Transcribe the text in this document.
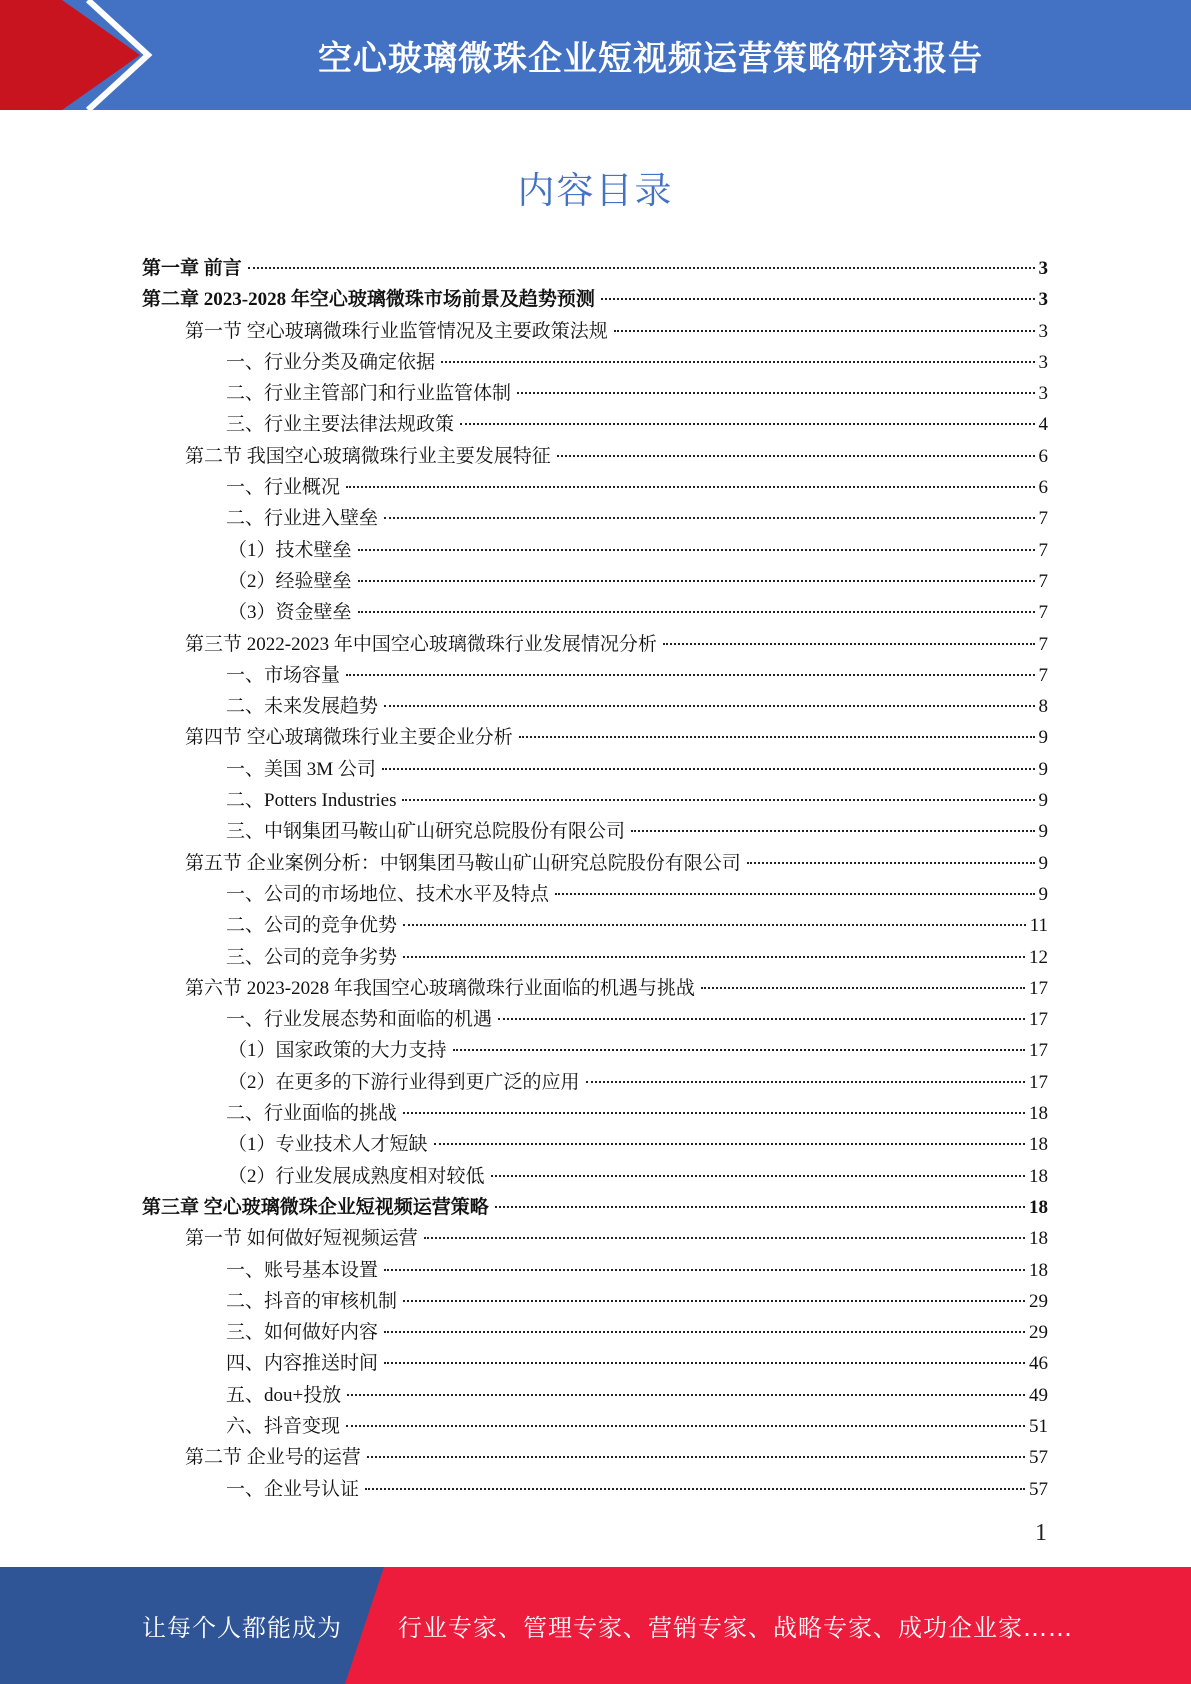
空心玻璃微珠企业短视频运营策略研究报告
内容目录
第一章 前言	3
第二章 2023-2028 年空心玻璃微珠市场前景及趋势预测	3
第一节 空心玻璃微珠行业监管情况及主要政策法规	3
一、行业分类及确定依据	3
二、行业主管部门和行业监管体制	3
三、行业主要法律法规政策	4
第二节 我国空心玻璃微珠行业主要发展特征	6
一、行业概况	6
二、行业进入壁垒	7
（1）技术壁垒	7
（2）经验壁垒	7
（3）资金壁垒	7
第三节 2022-2023 年中国空心玻璃微珠行业发展情况分析	7
一、市场容量	7
二、未来发展趋势	8
第四节 空心玻璃微珠行业主要企业分析	9
一、美国 3M 公司	9
二、Potters Industries	9
三、中钢集团马鞍山矿山研究总院股份有限公司	9
第五节 企业案例分析：中钢集团马鞍山矿山研究总院股份有限公司	9
一、公司的市场地位、技术水平及特点	9
二、公司的竞争优势	11
三、公司的竞争劣势	12
第六节 2023-2028 年我国空心玻璃微珠行业面临的机遇与挑战	17
一、行业发展态势和面临的机遇	17
（1）国家政策的大力支持	17
（2）在更多的下游行业得到更广泛的应用	17
二、行业面临的挑战	18
（1）专业技术人才短缺	18
（2）行业发展成熟度相对较低	18
第三章 空心玻璃微珠企业短视频运营策略	18
第一节 如何做好短视频运营	18
一、账号基本设置	18
二、抖音的审核机制	29
三、如何做好内容	29
四、内容推送时间	46
五、dou+投放	49
六、抖音变现	51
第二节 企业号的运营	57
一、企业号认证	57
1
让每个人都能成为 行业专家、管理专家、营销专家、战略专家、成功企业家……
